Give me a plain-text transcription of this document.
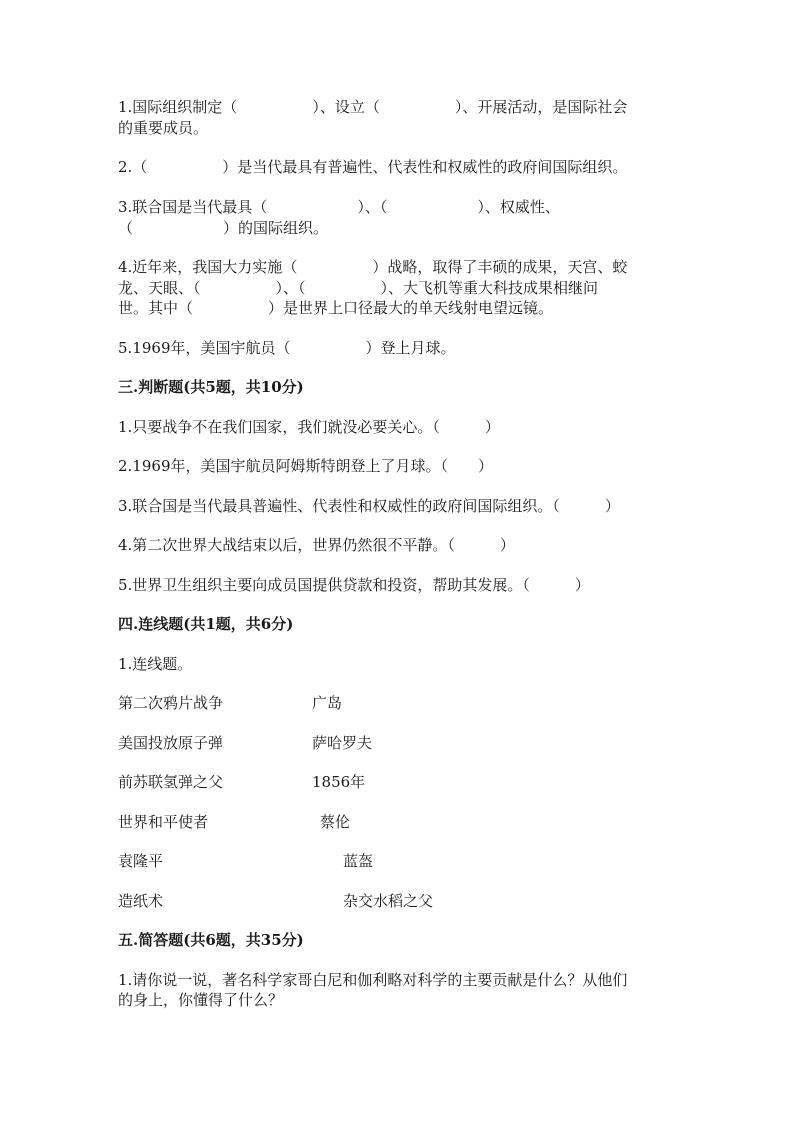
1.国际组织制定（　　　　　）、设立（　　　　　）、开展活动，是国际社会
的重要成员。
2.（　　　　　）是当代最具有普遍性、代表性和权威性的政府间国际组织。
3.联合国是当代最具（　　　　　　）、（　　　　　　）、权威性、
（　　　　　　）的国际组织。
4.近年来，我国大力实施（　　　　　）战略，取得了丰硕的成果，天宫、蛟
龙、天眼、（　　　　　）、（　　　　　）、大飞机等重大科技成果相继问
世。其中（　　　　　）是世界上口径最大的单天线射电望远镜。
5.1969年，美国宇航员（　　　　　）登上月球。
三.判断题(共5题，共10分)
1.只要战争不在我们国家，我们就没必要关心。（　　　）
2.1969年，美国宇航员阿姆斯特朗登上了月球。（　　）
3.联合国是当代最具普遍性、代表性和权威性的政府间国际组织。（　　　）
4.第二次世界大战结束以后，世界仍然很不平静。（　　　）
5.世界卫生组织主要向成员国提供贷款和投资，帮助其发展。（　　　）
四.连线题(共1题，共6分)
1.连线题。
第二次鸦片战争	广岛
美国投放原子弹	萨哈罗夫
前苏联氢弹之父	1856年
世界和平使者	蔡伦
袁隆平	蓝盔
造纸术	杂交水稻之父
五.简答题(共6题，共35分)
1.请你说一说，著名科学家哥白尼和伽利略对科学的主要贡献是什么？从他们
的身上，你懂得了什么？
